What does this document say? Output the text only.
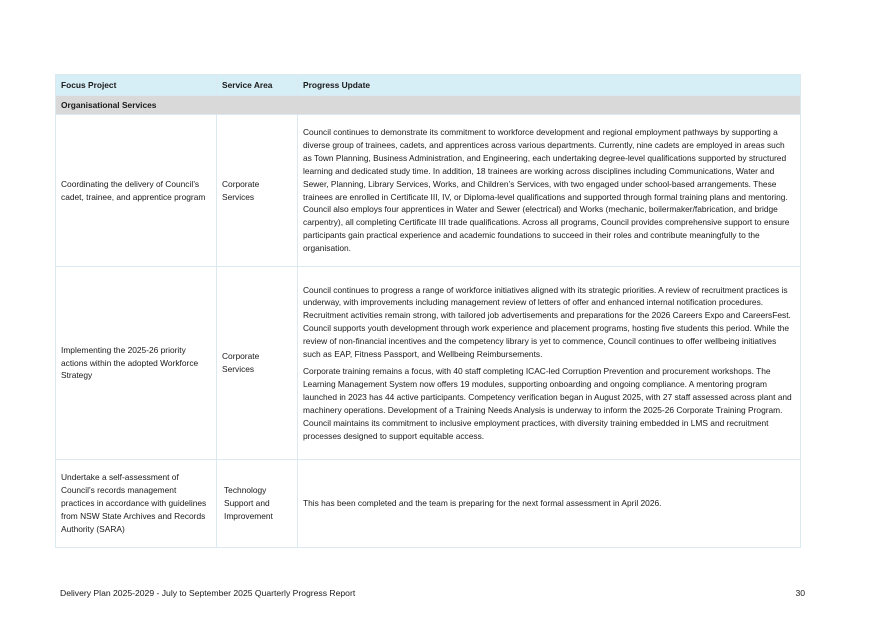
Focus Project	Service Area	Progress Update
Organisational Services		
Coordinating the delivery of Council’s cadet, trainee, and apprentice program	Corporate Services	Council continues to demonstrate its commitment to workforce development and regional employment pathways by supporting a diverse group of trainees, cadets, and apprentices across various departments. Currently, nine cadets are employed in areas such as Town Planning, Business Administration, and Engineering, each undertaking degree-level qualifications supported by structured learning and dedicated study time. In addition, 18 trainees are working across disciplines including Communications, Water and Sewer, Planning, Library Services, Works, and Children’s Services, with two engaged under school-based arrangements. These trainees are enrolled in Certificate III, IV, or Diploma-level qualifications and supported through formal training plans and mentoring. Council also employs four apprentices in Water and Sewer (electrical) and Works (mechanic, boilermaker/fabrication, and bridge carpentry), all completing Certificate III trade qualifications. Across all programs, Council provides comprehensive support to ensure participants gain practical experience and academic foundations to succeed in their roles and contribute meaningfully to the organisation.

Implementing the 2025-26 priority actions within the adopted Workforce Strategy	Corporate Services	Council continues to progress a range of workforce initiatives aligned with its strategic priorities. A review of recruitment practices is underway, with improvements including management review of letters of offer and enhanced internal notification procedures. Recruitment activities remain strong, with tailored job advertisements and preparations for the 2026 Careers Expo and CareersFest. Council supports youth development through work experience and placement programs, hosting five students this period. While the review of non-financial incentives and the competency library is yet to commence, Council continues to offer wellbeing initiatives such as EAP, Fitness Passport, and Wellbeing Reimbursements.

Corporate training remains a focus, with 40 staff completing ICAC-led Corruption Prevention and procurement workshops. The Learning Management System now offers 19 modules, supporting onboarding and ongoing compliance. A mentoring program launched in 2023 has 44 active participants. Competency verification began in August 2025, with 27 staff assessed across plant and machinery operations. Development of a Training Needs Analysis is underway to inform the 2025-26 Corporate Training Program. Council maintains its commitment to inclusive employment practices, with diversity training embedded in LMS and recruitment processes designed to support equitable access.

Undertake a self-assessment of Council’s records management practices in accordance with guidelines from NSW State Archives and Records Authority (SARA)	Technology Support and Improvement	This has been completed and the team is preparing for the next formal assessment in April 2026.

Delivery Plan 2025-2029 - July to September 2025 Quarterly Progress Report	30
